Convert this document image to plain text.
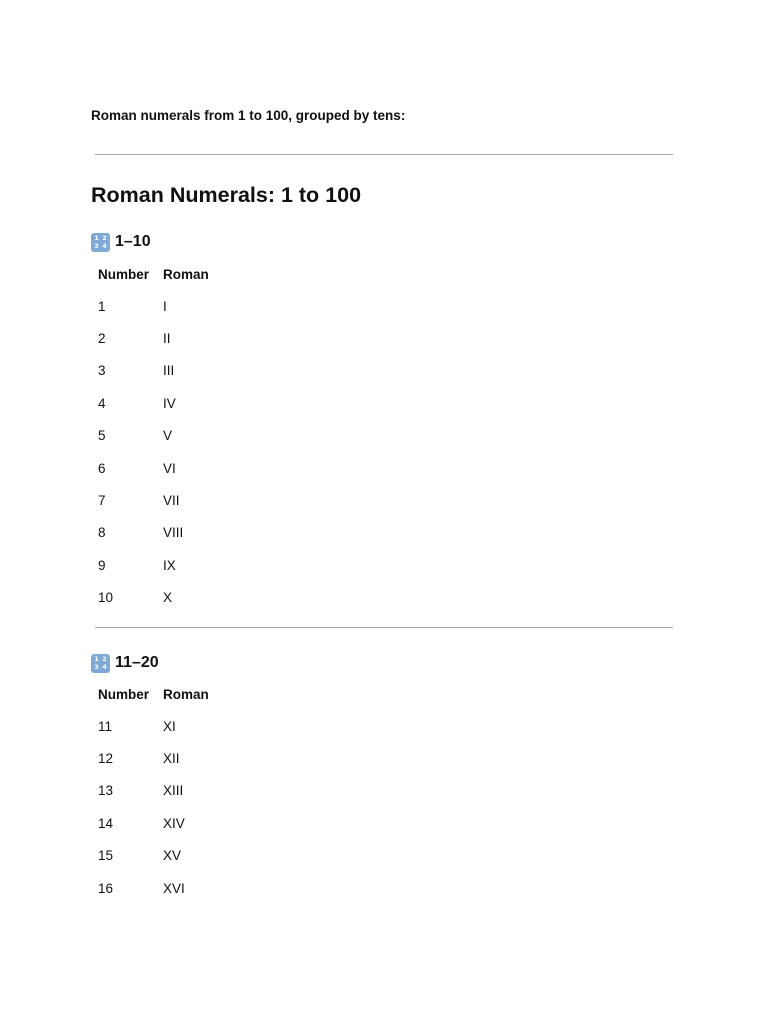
Roman numerals from 1 to 100, grouped by tens:

Roman Numerals: 1 to 100
1 2
3 4 1–10
Number	Roman
1	I
2	II
3	III
4	IV
5	V
6	VI
7	VII
8	VIII
9	IX
10	X
1 2
3 4 11–20
Number	Roman
11	XI
12	XII
13	XIII
14	XIV
15	XV
16	XVI
